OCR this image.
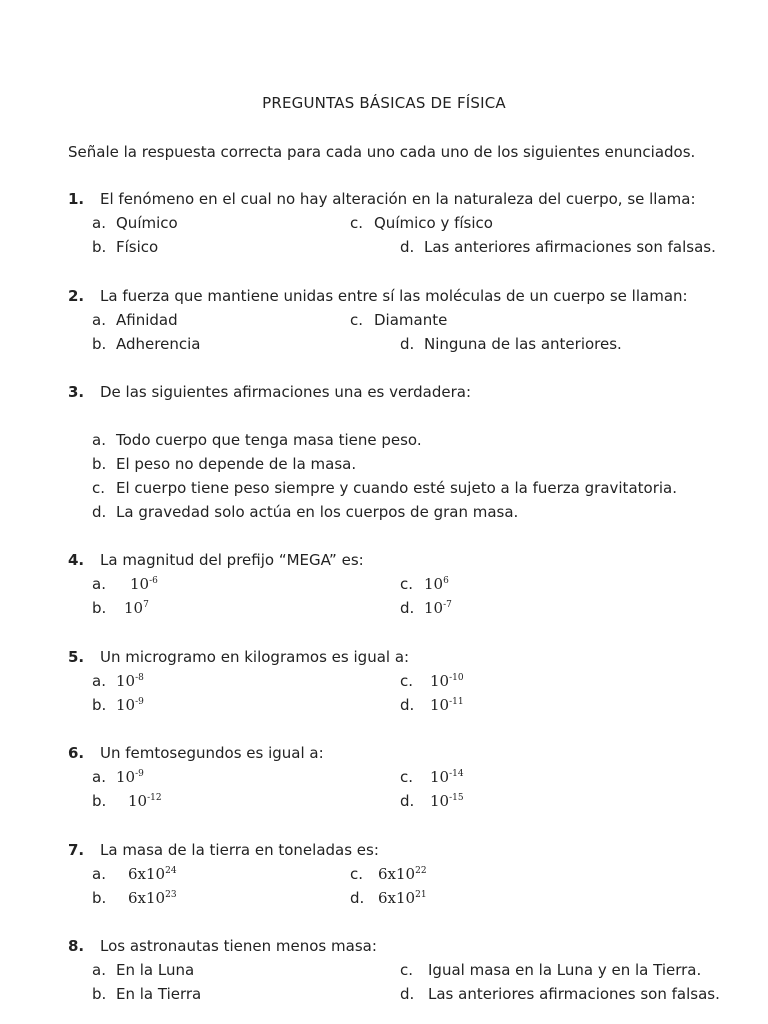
PREGUNTAS BÁSICAS DE FÍSICA
Señale la respuesta correcta para cada uno cada uno de los siguientes enunciados.
1. El fenómeno en el cual no hay alteración en la naturaleza del cuerpo, se llama:
a. Químico	c. Químico y físico
b. Físico	d. Las anteriores afirmaciones son falsas.
2. La fuerza que mantiene unidas entre sí las moléculas de un cuerpo se llaman:
a. Afinidad	c. Diamante
b. Adherencia	d. Ninguna de las anteriores.
3. De las siguientes afirmaciones una es verdadera:
a. Todo cuerpo que tenga masa tiene peso.
b. El peso no depende de la masa.
c. El cuerpo tiene peso siempre y cuando esté sujeto a la fuerza gravitatoria.
d. La gravedad solo actúa en los cuerpos de gran masa.
4. La magnitud del prefijo “MEGA” es:
a. $10^{-6}$	c. $10^6$
b. $10^7$	d. $10^{-7}$
5. Un microgramo en kilogramos es igual a:
a. $10^{-8}$	c. $10^{-10}$
b. $10^{-9}$	d. $10^{-11}$
6. Un femtosegundos es igual a:
a. $10^{-9}$	c. $10^{-14}$
b. $10^{-12}$	d. $10^{-15}$
7. La masa de la tierra en toneladas es:
a. $6x10^{24}$	c. $6x10^{22}$
b. $6x10^{23}$	d. $6x10^{21}$
8. Los astronautas tienen menos masa:
a. En la Luna	c. Igual masa en la Luna y en la Tierra.
b. En la Tierra	d. Las anteriores afirmaciones son falsas.
